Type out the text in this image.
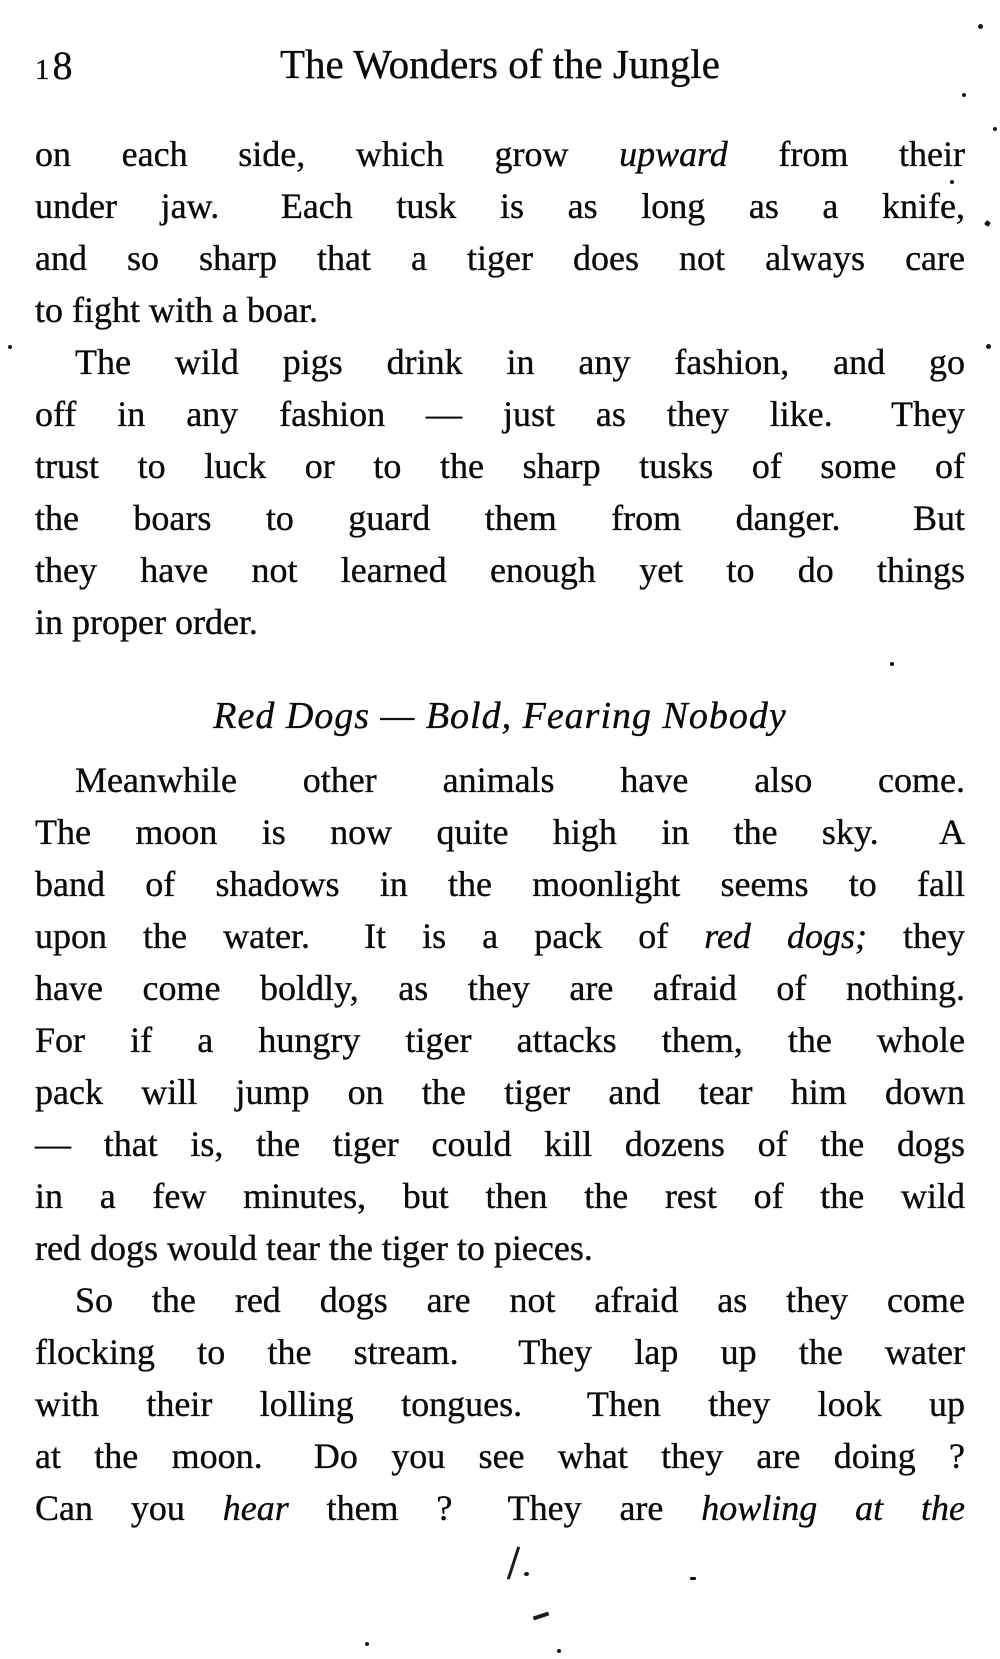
18	The Wonders of the Jungle
on each side, which grow upward from their
under jaw.  Each tusk is as long as a knife,
and so sharp that a tiger does not always care
to fight with a boar.
The wild pigs drink in any fashion, and go
off in any fashion — just as they like.  They
trust to luck or to the sharp tusks of some of
the boars to guard them from danger.  But
they have not learned enough yet to do things
in proper order.
Red Dogs — Bold, Fearing Nobody
Meanwhile other animals have also come.
The moon is now quite high in the sky.  A
band of shadows in the moonlight seems to fall
upon the water.  It is a pack of red dogs; they
have come boldly, as they are afraid of nothing.
For if a hungry tiger attacks them, the whole
pack will jump on the tiger and tear him down
— that is, the tiger could kill dozens of the dogs
in a few minutes, but then the rest of the wild
red dogs would tear the tiger to pieces.
So the red dogs are not afraid as they come
flocking to the stream.  They lap up the water
with their lolling tongues.  Then they look up
at the moon.  Do you see what they are doing ?
Can you hear them ?  They are howling at the
